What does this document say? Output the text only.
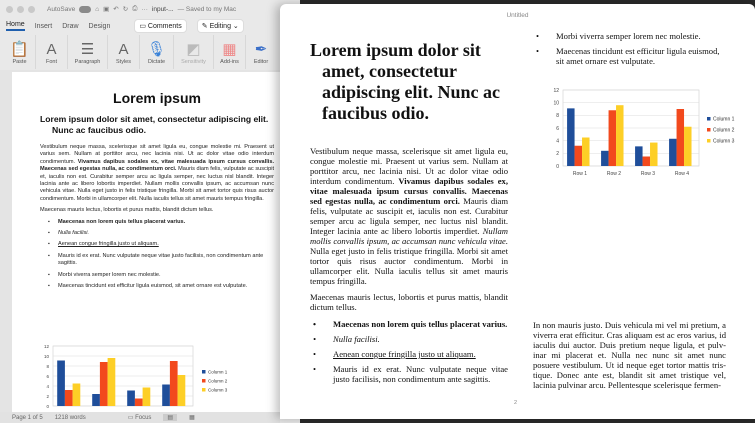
AutoSave	⌂ ▣ ↶ ↻ ⎙ ··· input-... — Saved to my Mac
Home Insert Draw Design	▭ Comments	✎ Editing ⌄
📋
Paste
A
Font
☰
Paragraph
A
Styles
🎙
Dictate
◩
Sensitivity
▦
Add-ins
✒
Editor
Lorem ipsum
Lorem ipsum dolor sit amet, consectetur adipiscing elit. Nunc ac faucibus odio.
Vestibulum neque massa, scelerisque sit amet ligula eu, congue molestie mi. Praesent ut varius sem. Nullam at porttitor arcu, nec lacinia nisi. Ut ac dolor vitae odio interdum condimentum. Vivamus dapibus sodales ex, vitae malesuada ipsum cursus convallis. Maecenas sed egestas nulla, ac condimentum orci. Mauris diam felis, vulputate ac suscipit et, iaculis non est. Curabitur semper arcu ac ligula semper, nec luctus nisl blandit. Integer lacinia ante ac libero lobortis imperdiet. Nullam mollis convallis ipsum, ac accumsan nunc vehicula vitae. Nulla eget justo in felis tristique fringilla. Morbi sit amet tortor quis risus auctor condimentum. Morbi in ullamcorper elit. Nulla iaculis tellus sit amet mauris tempus fringilla.
Maecenas mauris lectus, lobortis et purus mattis, blandit dictum tellus.
▪ Maecenas non lorem quis tellus placerat varius.
▪ Nulla facilisi.
▪ Aenean congue fringilla justo ut aliquam.
▪ Mauris id ex erat. Nunc vulputate neque vitae justo facilisis, non condimentum ante sagittis.
▪ Morbi viverra semper lorem nec molestie.
▪ Maecenas tincidunt est efficitur ligula euismod, sit amet ornare est vulputate.
0
2
4
6
8
10
12
Column 1
Column 2
Column 3
Page 1 of 5 1218 words	▭ Focus	▤	▦
Untitled
Lorem ipsum dolor sit amet, consectetur adipiscing elit. Nunc ac faucibus odio.
Vestibulum neque massa, scelerisque sit amet ligula eu, congue molestie mi. Praesent ut varius sem. Nullam at porttitor arcu, nec lacinia nisi. Ut ac dolor vitae odio interdum condimentum. Vivamus dapibus sodales ex, vitae malesuada ipsum cursus convallis. Maecenas sed egestas nulla, ac condimentum orci. Mauris diam felis, vulputate ac suscipit et, iaculis non est. Curabitur semper arcu ac ligula semper, nec luctus nisl blandit. Integer lacinia ante ac libero lobortis imperdiet. Nullam mollis convallis ipsum, ac accumsan nunc vehicula vitae. Nulla eget justo in felis tristique fringilla. Morbi sit amet tortor quis risus auctor condimentum. Morbi in ullamcorper elit. Nulla iaculis tellus sit amet mauris tempus fringilla.
Maecenas mauris lectus, lobortis et purus mattis, blandit dictum tellus.
• Maecenas non lorem quis tellus placerat varius.
• Nulla facilisi.
• Aenean congue fringilla justo ut aliquam.
• Mauris id ex erat. Nunc vulputate neque vitae justo facilisis, non condimentum ante sagittis.
2
• Morbi viverra semper lorem nec molestie.
• Maecenas tincidunt est efficitur ligula euismod, sit amet ornare est vulputate.
0
2
4
6
8
10
12
Row 1	Row 2	Row 3	Row 4
Column 1
Column 2
Column 3
In non mauris justo. Duis vehicula mi vel mi pretium, a viverra erat efficitur. Cras aliquam est ac eros varius, id iaculis dui auctor. Duis pretium neque ligula, et pulvinar mi placerat et. Nulla nec nunc sit amet nunc posuere vestibulum. Ut id neque eget tortor mattis tristique. Donec ante est, blandit sit amet tristique vel, lacinia pulvinar arcu. Pellentesque scelerisque fermen-
